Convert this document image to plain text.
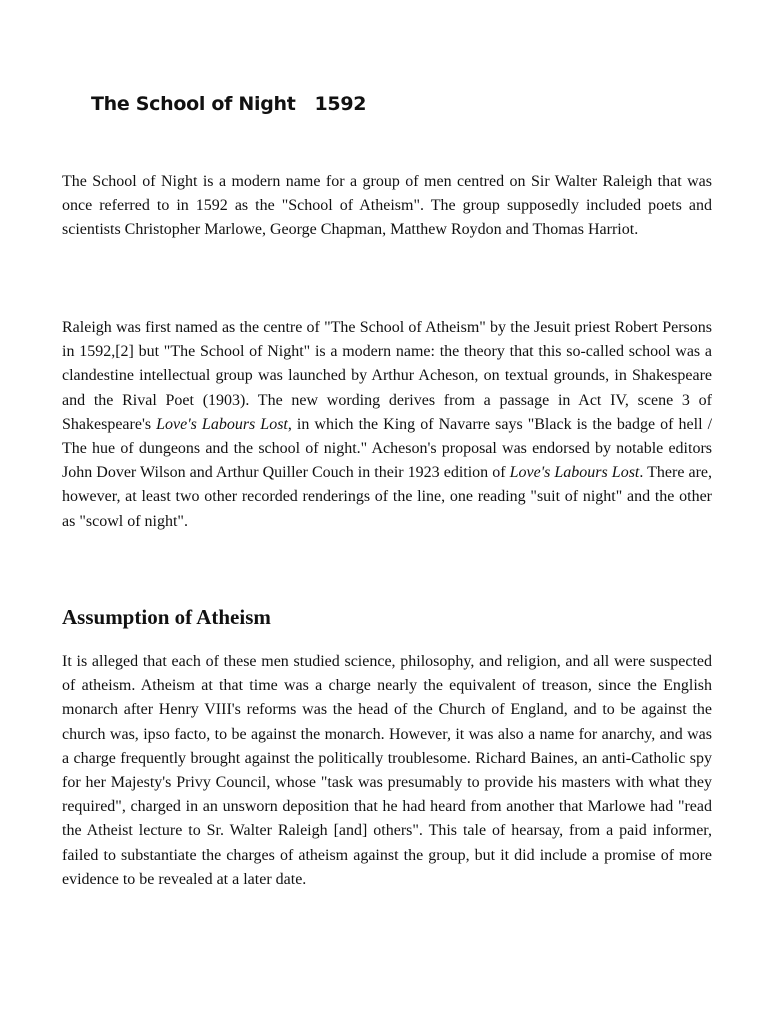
The School of Night   1592

The School of Night is a modern name for a group of men centred on Sir Walter Raleigh that was once referred to in 1592 as the "School of Atheism". The group supposedly included poets and scientists Christopher Marlowe, George Chapman, Matthew Roydon and Thomas Harriot.

Raleigh was first named as the centre of "The School of Atheism" by the Jesuit priest Robert Persons in 1592,[2] but "The School of Night" is a modern name: the theory that this so-called school was a clandestine intellectual group was launched by Arthur Acheson, on textual grounds, in Shakespeare and the Rival Poet (1903). The new wording derives from a passage in Act IV, scene 3 of Shakespeare's Love's Labours Lost, in which the King of Navarre says "Black is the badge of hell / The hue of dungeons and the school of night." Acheson's proposal was endorsed by notable editors John Dover Wilson and Arthur Quiller Couch in their 1923 edition of Love's Labours Lost. There are, however, at least two other recorded renderings of the line, one reading "suit of night" and the other as "scowl of night".

Assumption of Atheism

It is alleged that each of these men studied science, philosophy, and religion, and all were suspected of atheism. Atheism at that time was a charge nearly the equivalent of treason, since the English monarch after Henry VIII's reforms was the head of the Church of England, and to be against the church was, ipso facto, to be against the monarch. However, it was also a name for anarchy, and was a charge frequently brought against the politically troublesome. Richard Baines, an anti-Catholic spy for her Majesty's Privy Council, whose "task was presumably to provide his masters with what they required", charged in an unsworn deposition that he had heard from another that Marlowe had "read the Atheist lecture to Sr. Walter Raleigh [and] others". This tale of hearsay, from a paid informer, failed to substantiate the charges of atheism against the group, but it did include a promise of more evidence to be revealed at a later date.
